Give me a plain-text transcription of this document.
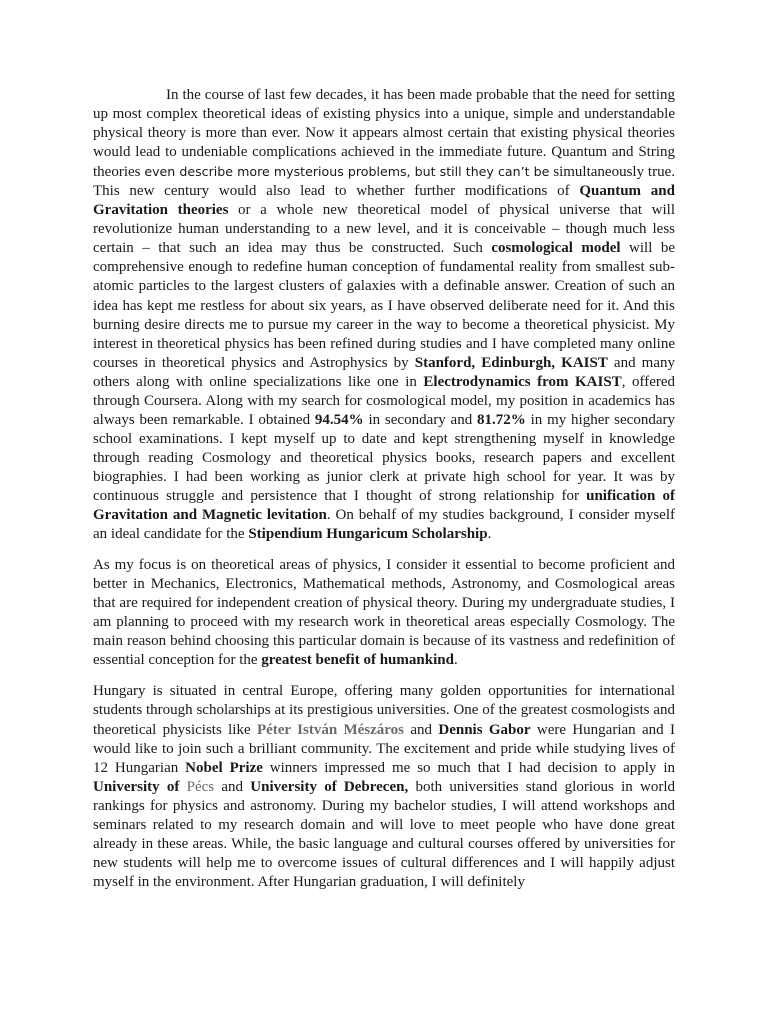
In the course of last few decades, it has been made probable that the need for setting up most complex theoretical ideas of existing physics into a unique, simple and understandable physical theory is more than ever. Now it appears almost certain that existing physical theories would lead to undeniable complications achieved in the immediate future. Quantum and String theories even describe more mysterious problems, but still they can’t be simultaneously true. This new century would also lead to whether further modifications of Quantum and Gravitation theories or a whole new theoretical model of physical universe that will revolutionize human understanding to a new level, and it is conceivable – though much less certain – that such an idea may thus be constructed. Such cosmological model will be comprehensive enough to redefine human conception of fundamental reality from smallest sub-atomic particles to the largest clusters of galaxies with a definable answer. Creation of such an idea has kept me restless for about six years, as I have observed deliberate need for it. And this burning desire directs me to pursue my career in the way to become a theoretical physicist. My interest in theoretical physics has been refined during studies and I have completed many online courses in theoretical physics and Astrophysics by Stanford, Edinburgh, KAIST and many others along with online specializations like one in Electrodynamics from KAIST, offered through Coursera. Along with my search for cosmological model, my position in academics has always been remarkable. I obtained 94.54% in secondary and 81.72% in my higher secondary school examinations. I kept myself up to date and kept strengthening myself in knowledge through reading Cosmology and theoretical physics books, research papers and excellent biographies. I had been working as junior clerk at private high school for year. It was by continuous struggle and persistence that I thought of strong relationship for unification of Gravitation and Magnetic levitation. On behalf of my studies background, I consider myself an ideal candidate for the Stipendium Hungaricum Scholarship.

As my focus is on theoretical areas of physics, I consider it essential to become proficient and better in Mechanics, Electronics, Mathematical methods, Astronomy, and Cosmological areas that are required for independent creation of physical theory. During my undergraduate studies, I am planning to proceed with my research work in theoretical areas especially Cosmology. The main reason behind choosing this particular domain is because of its vastness and redefinition of essential conception for the greatest benefit of humankind.

Hungary is situated in central Europe, offering many golden opportunities for international students through scholarships at its prestigious universities. One of the greatest cosmologists and theoretical physicists like Péter István Mészáros and Dennis Gabor were Hungarian and I would like to join such a brilliant community. The excitement and pride while studying lives of 12 Hungarian Nobel Prize winners impressed me so much that I had decision to apply in University of Pécs and University of Debrecen, both universities stand glorious in world rankings for physics and astronomy. During my bachelor studies, I will attend workshops and seminars related to my research domain and will love to meet people who have done great already in these areas. While, the basic language and cultural courses offered by universities for new students will help me to overcome issues of cultural differences and I will happily adjust myself in the environment. After Hungarian graduation, I will definitely
